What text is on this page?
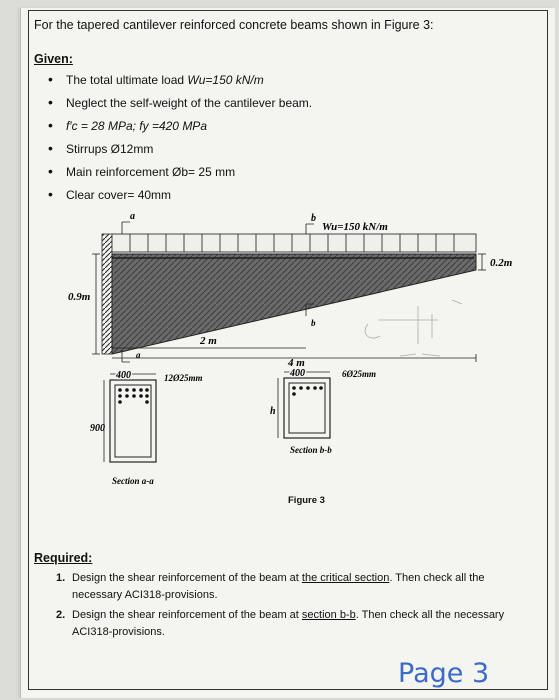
For the tapered cantilever reinforced concrete beams shown in Figure 3:
Given:
• The total ultimate load Wu=150 kN/m
• Neglect the self-weight of the cantilever beam.
• f′c = 28 MPa; fy =420 MPa
• Stirrups Ø12mm
• Main reinforcement Øb= 25 mm
• Clear cover= 40mm
Wu=150 kN/m
a
a
b
b
0.9m
0.2m
2 m
4 m
400
900
12Ø25mm
Section a-a
400
h
6Ø25mm
Section b-b
Figure 3
Required:
1. Design the shear reinforcement of the beam at the critical section. Then check all the necessary ACI318-provisions.
2. Design the shear reinforcement of the beam at section b-b. Then check all the necessary ACI318-provisions.
Page 3
